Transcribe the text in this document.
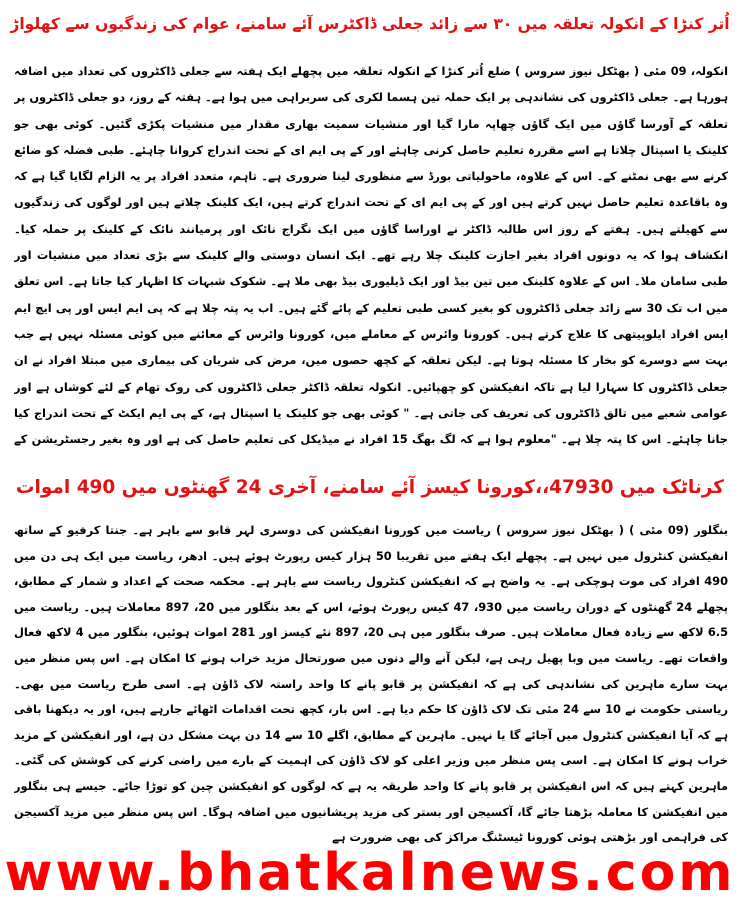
اُتر کنڑا کے انکولہ تعلقہ میں ۳۰ سے زائد جعلی ڈاکٹرس آئے سامنے، عوام کی زندگیوں سے کھلواڑ

انکولہ، 09 مئی ( بھٹکل نیوز سروس ) ضلع اُتر کنڑا کے انکولہ تعلقہ میں پچھلے ایک ہفتہ سے جعلی ڈاکٹروں کی تعداد میں اضافہ ہورہا ہے۔ جعلی ڈاکٹروں کی نشاندہی پر ایک حملہ تین ہسما لکری کی سربراہی میں ہوا ہے۔ ہفتہ کے روز، دو جعلی ڈاکٹروں پر تعلقہ کے آورسا گاؤں میں ایک گاؤں چھاپہ مارا گیا اور منشیات سمیت بھاری مقدار میں منشیات پکڑی گئیں۔ کوئی بھی جو کلینک یا اسپتال چلاتا ہے اسے مقررہ تعلیم حاصل کرنی چاہئے اور کے پی ایم ای کے تحت اندراج کروانا چاہئے۔ طبی فضلہ کو ضائع کرنے سے بھی نمٹنے کے۔ اس کے علاوہ، ماحولیاتی بورڈ سے منظوری لینا ضروری ہے۔ تاہم، متعدد افراد پر یہ الزام لگایا گیا ہے کہ وہ باقاعدہ تعلیم حاصل نہیں کرتے ہیں اور کے پی ایم ای کے تحت اندراج کرتے ہیں، ایک کلینک چلاتے ہیں اور لوگوں کی زندگیوں سے کھیلتے ہیں۔ ہفتے کے روز اس طالبہ ڈاکٹر نے اوراسا گاؤں میں ایک نگراج نائک اور پرمیانند نائک کے کلینک پر حملہ کیا۔ انکشاف ہوا کہ یہ دونوں افراد بغیر اجازت کلینک چلا رہے تھے۔ ایک انسان دوستی والے کلینک سے بڑی تعداد میں منشیات اور طبی سامان ملا۔ اس کے علاوہ کلینک میں تین بیڈ اور ایک ڈیلیوری بیڈ بھی ملا ہے۔ شکوک شبہات کا اظہار کیا جاتا ہے۔ اس تعلق میں اب تک 30 سے زائد جعلی ڈاکٹروں کو بغیر کسی طبی تعلیم کے پائے گئے ہیں۔ اب یہ پتہ چلا ہے کہ پی ایم ایس اور پی ایچ ایم ایس افراد ایلوپیتھی کا علاج کرتے ہیں۔ کورونا وائرس کے معاملے میں، کورونا وائرس کے معائنے میں کوئی مسئلہ نہیں ہے جب بہت سے دوسرے کو بخار کا مسئلہ ہوتا ہے۔ لیکن تعلقہ کے کچھ حصوں میں، مرض کی شریان کی بیماری میں مبتلا افراد نے ان جعلی ڈاکٹروں کا سہارا لیا ہے تاکہ انفیکشن کو چھپائیں۔ انکولہ تعلقہ ڈاکٹر جعلی ڈاکٹروں کی روک تھام کے لئے کوشاں ہے اور عوامی شعبے میں تالق ڈاکٹروں کی تعریف کی جاتی ہے۔ " کوئی بھی جو کلینک یا اسپتال ہے، کے پی ایم ایکٹ کے تحت اندراج کیا جانا چاہئے۔ اس کا پتہ چلا ہے۔ "معلوم ہوا ہے کہ لگ بھگ 15 افراد نے میڈیکل کی تعلیم حاصل کی ہے اور وہ بغیر رجسٹریشن کے

کرناٹک میں 47930،،کورونا کیسز آئے سامنے، آخری 24 گھنٹوں میں 490 اموات

بنگلور (09 مئی ) ( بھٹکل نیوز سروس ) ریاست میں کورونا انفیکشن کی دوسری لہر قابو سے باہر ہے۔ جنتا کرفیو کے ساتھ انفیکشن کنٹرول میں نہیں ہے۔ پچھلے ایک ہفتے میں تقریبا 50 ہزار کیس رپورٹ ہوئے ہیں۔ ادھر، ریاست میں ایک ہی دن میں 490 افراد کی موت ہوچکی ہے۔ یہ واضح ہے کہ انفیکشن کنٹرول ریاست سے باہر ہے۔ محکمہ صحت کے اعداد و شمار کے مطابق، پچھلے 24 گھنٹوں کے دوران ریاست میں 930، 47 کیس رپورٹ ہوئے، اس کے بعد بنگلور میں 20، 897 معاملات ہیں۔ ریاست میں 6.5 لاکھ سے زیادہ فعال معاملات ہیں۔ صرف بنگلور میں ہی 20، 897 نئے کیسز اور 281 اموات ہوئیں، بنگلور میں 4 لاکھ فعال واقعات تھے۔ ریاست میں وبا پھیل رہی ہے، لیکن آنے والے دنوں میں صورتحال مزید خراب ہونے کا امکان ہے۔ اس پس منظر میں بہت سارے ماہرین کی نشاندہی کی ہے کہ انفیکشن پر قابو پانے کا واحد راستہ لاک ڈاؤن ہے۔ اسی طرح ریاست میں بھی۔ ریاستی حکومت نے 10 سے 24 مئی تک لاک ڈاؤن کا حکم دیا ہے۔ اس بار، کچھ تحت اقدامات اٹھائے جارہے ہیں، اور یہ دیکھنا باقی ہے کہ آیا انفیکشن کنٹرول میں آجائے گا یا نہیں۔ ماہرین کے مطابق، اگلے 10 سے 14 دن بہت مشکل دن ہے، اور انفیکشن کے مزید خراب ہونے کا امکان ہے۔ اسی پس منظر میں وزیر اعلی کو لاک ڈاؤن کی اہمیت کے بارے میں راضی کرنے کی کوشش کی گئی۔ ماہرین کہتے ہیں کہ اس انفیکشن پر قابو پانے کا واحد طریقہ یہ ہے کہ لوگوں کو انفیکشن چین کو توڑا جائے۔ جیسے ہی بنگلور میں انفیکشن کا معاملہ بڑھتا جائے گا، آکسیجن اور بستر کی مزید پریشانیوں میں اضافہ ہوگا۔ اس پس منظر میں مزید آکسیجن کی فراہمی اور بڑھتی ہوئی کورونا ٹیسٹنگ مراکز کی بھی ضرورت ہے

www.bhatkalnews.com
